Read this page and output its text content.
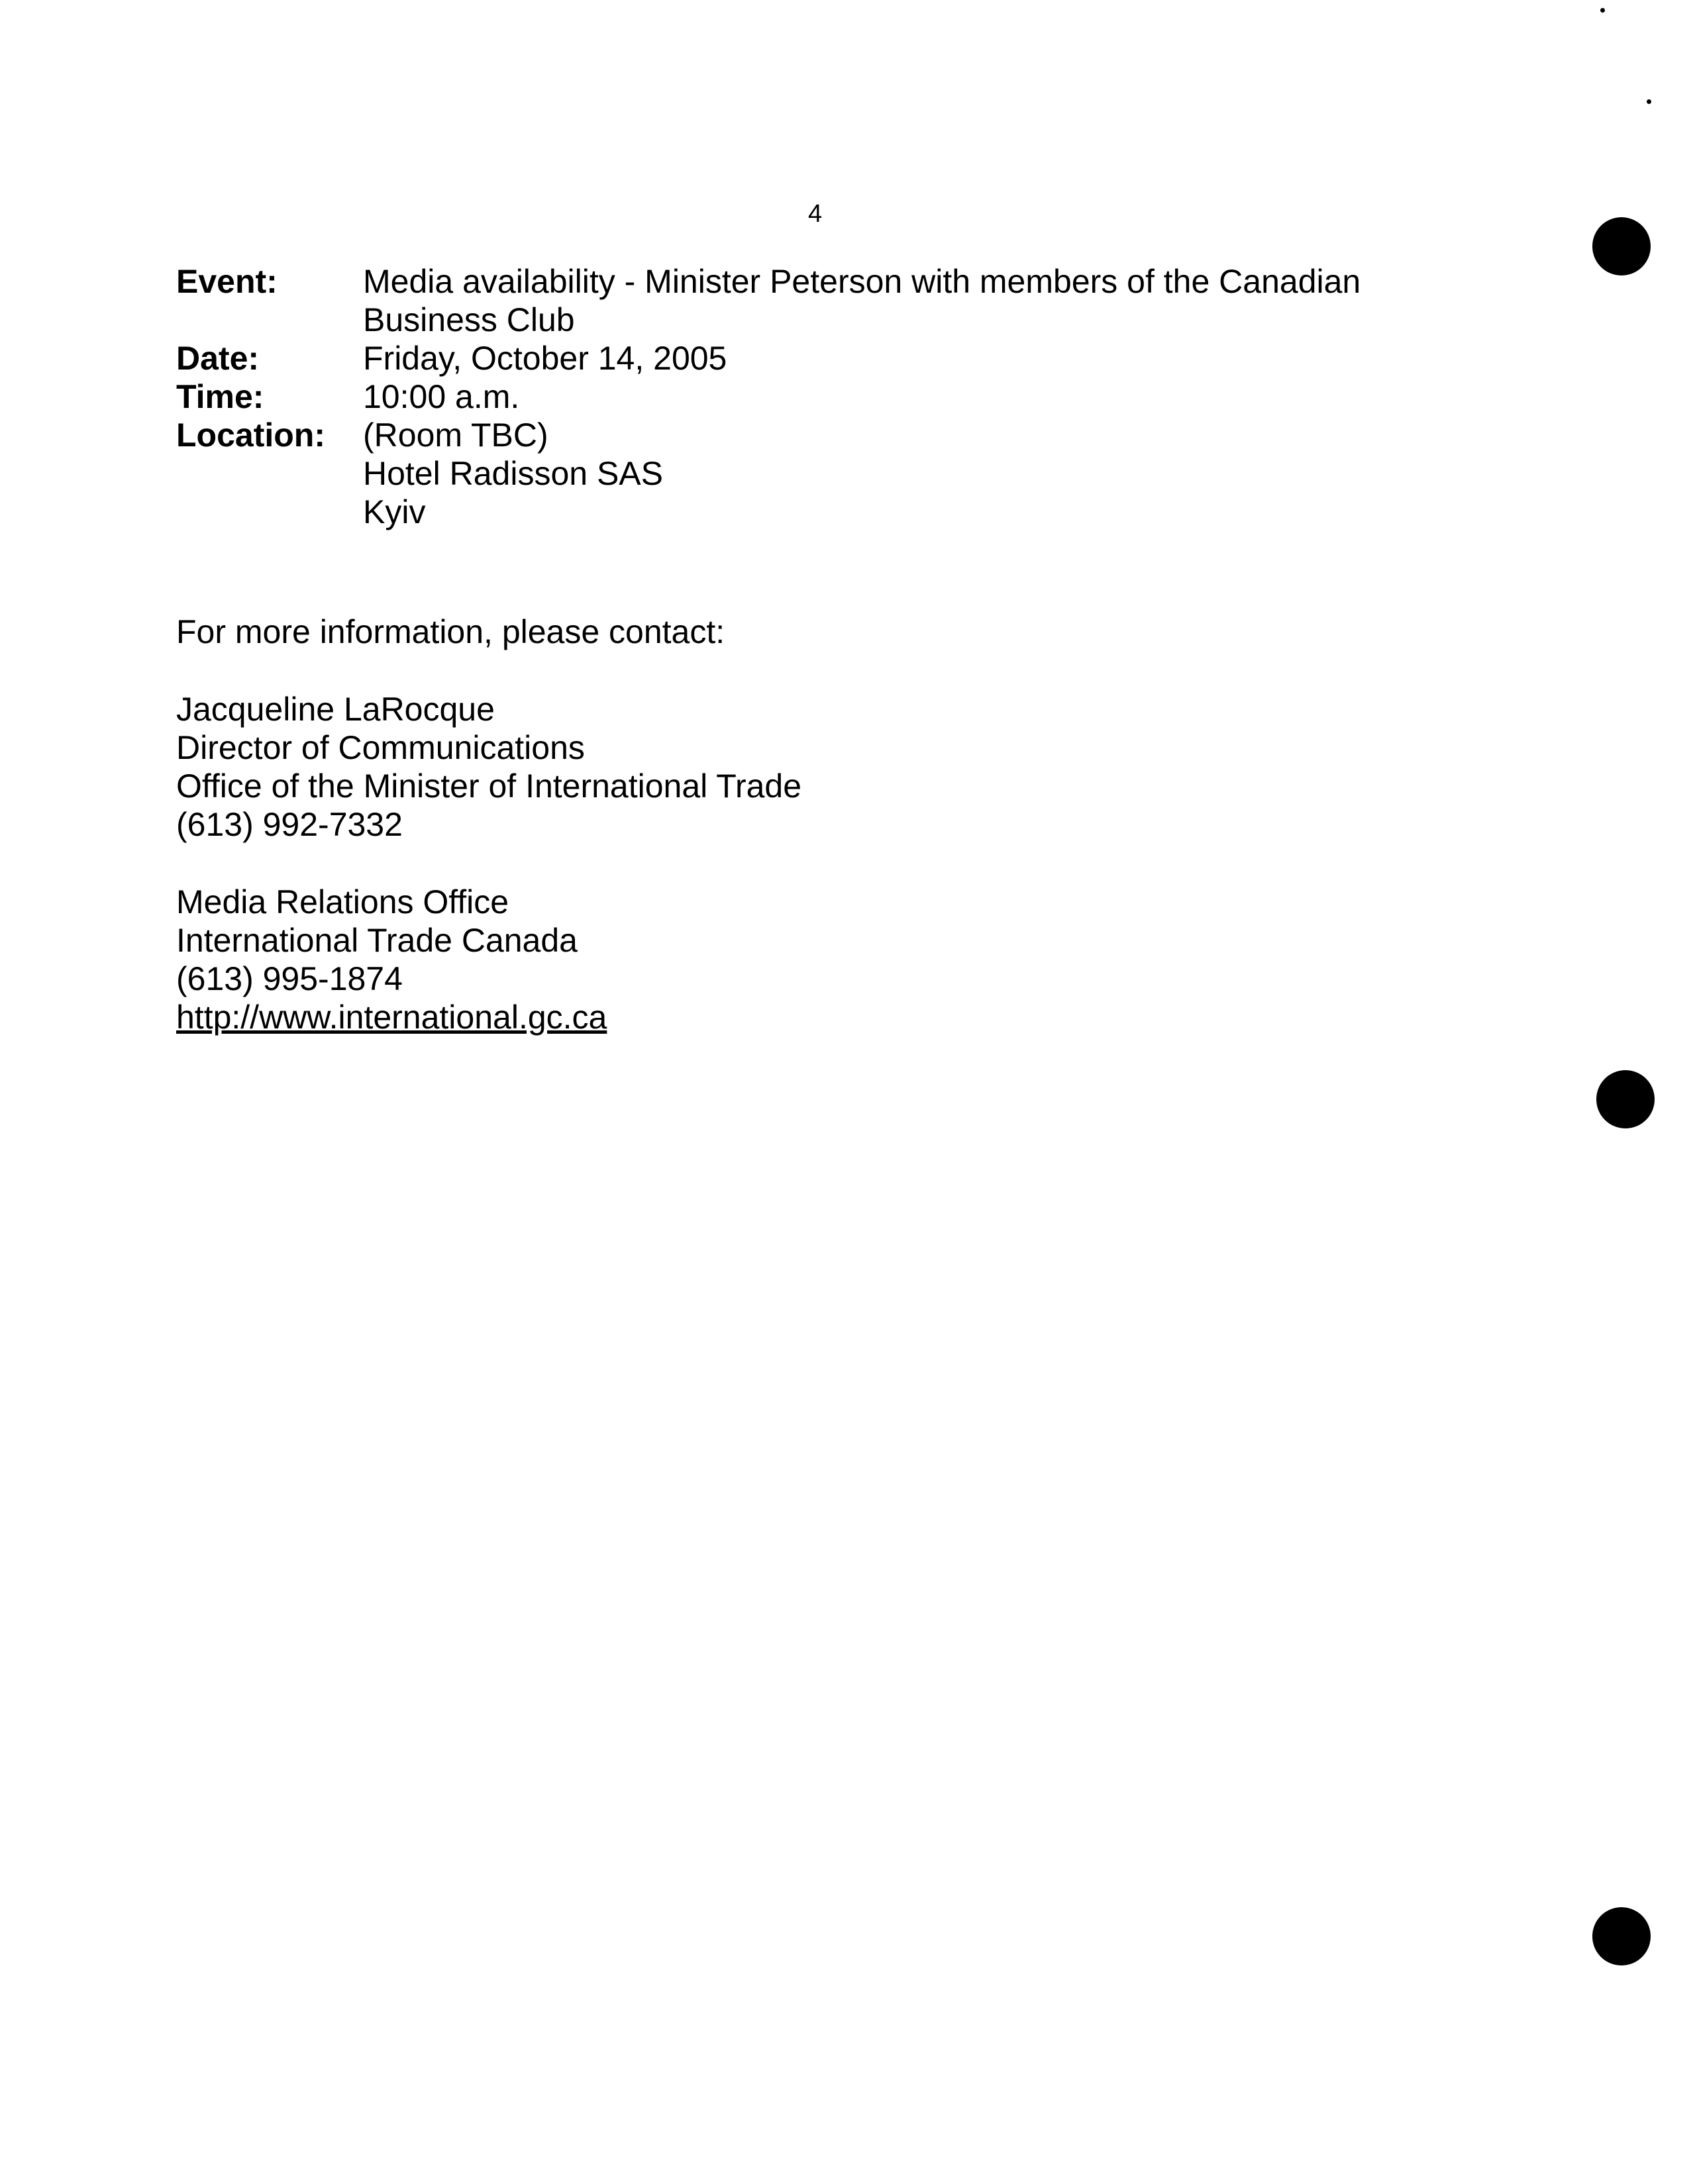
4
Event:	Media availability - Minister Peterson with members of the Canadian
Business Club
Date:	Friday, October 14, 2005
Time:	10:00 a.m.
Location:	(Room TBC)
Hotel Radisson SAS
Kyiv
For more information, please contact:
Jacqueline LaRocque
Director of Communications
Office of the Minister of International Trade
(613) 992-7332
Media Relations Office
International Trade Canada
(613) 995-1874
http://www.international.gc.ca
